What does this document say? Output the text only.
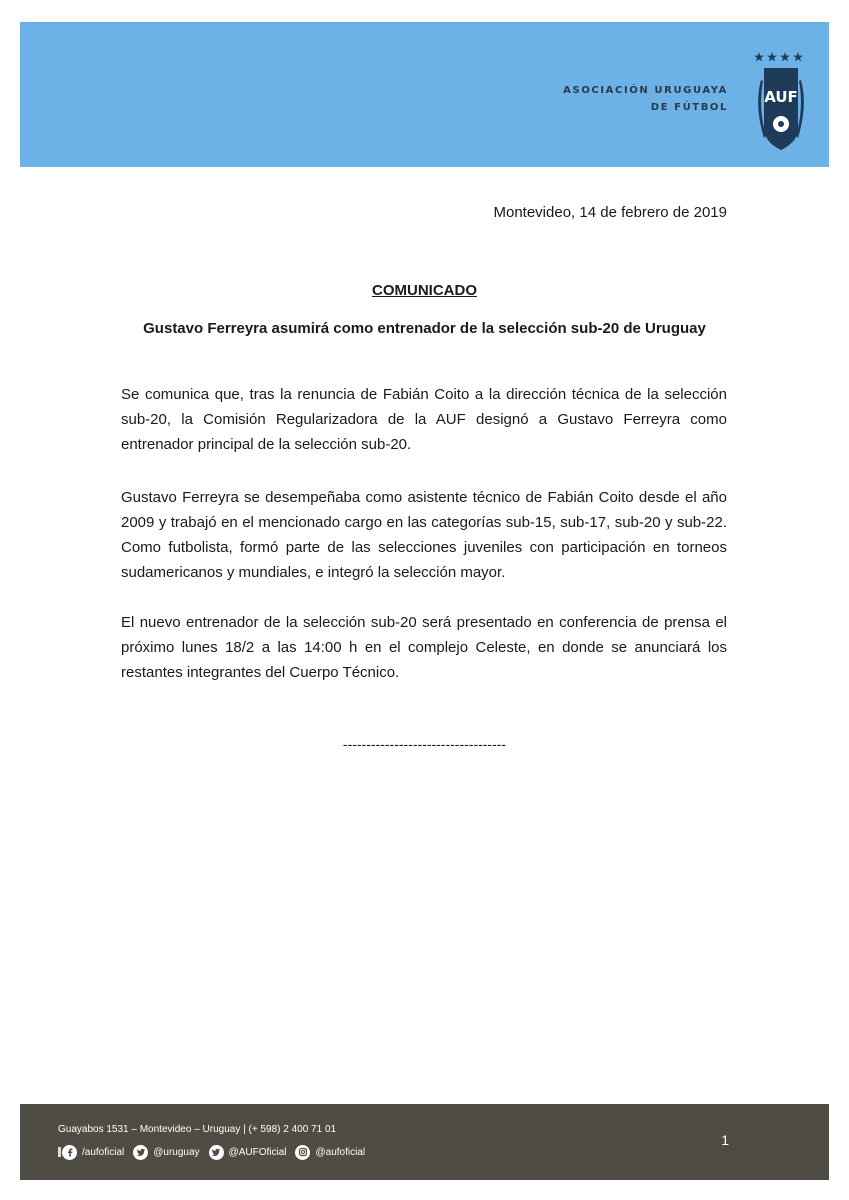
ASOCIACIÓN URUGUAYA
DE FÚTBOL
AUF
Montevideo, 14 de febrero de 2019
COMUNICADO
Gustavo Ferreyra asumirá como entrenador de la selección sub-20 de Uruguay

Se comunica que, tras la renuncia de Fabián Coito a la dirección técnica de la selección sub-20, la Comisión Regularizadora de la AUF designó a Gustavo Ferreyra como entrenador principal de la selección sub-20.

Gustavo Ferreyra se desempeñaba como asistente técnico de Fabián Coito desde el año 2009 y trabajó en el mencionado cargo en las categorías sub-15, sub-17, sub-20 y sub-22. Como futbolista, formó parte de las selecciones juveniles con participación en torneos sudamericanos y mundiales, e integró la selección mayor.

El nuevo entrenador de la selección sub-20 será presentado en conferencia de prensa el próximo lunes 18/2 a las 14:00 h en el complejo Celeste, en donde se anunciará los restantes integrantes del Cuerpo Técnico.

-----------------------------------
Guayabos 1531 – Montevideo – Uruguay | (+ 598) 2 400 71 01
/aufoficial	@uruguay	@AUFOficial	@aufoficial
1
